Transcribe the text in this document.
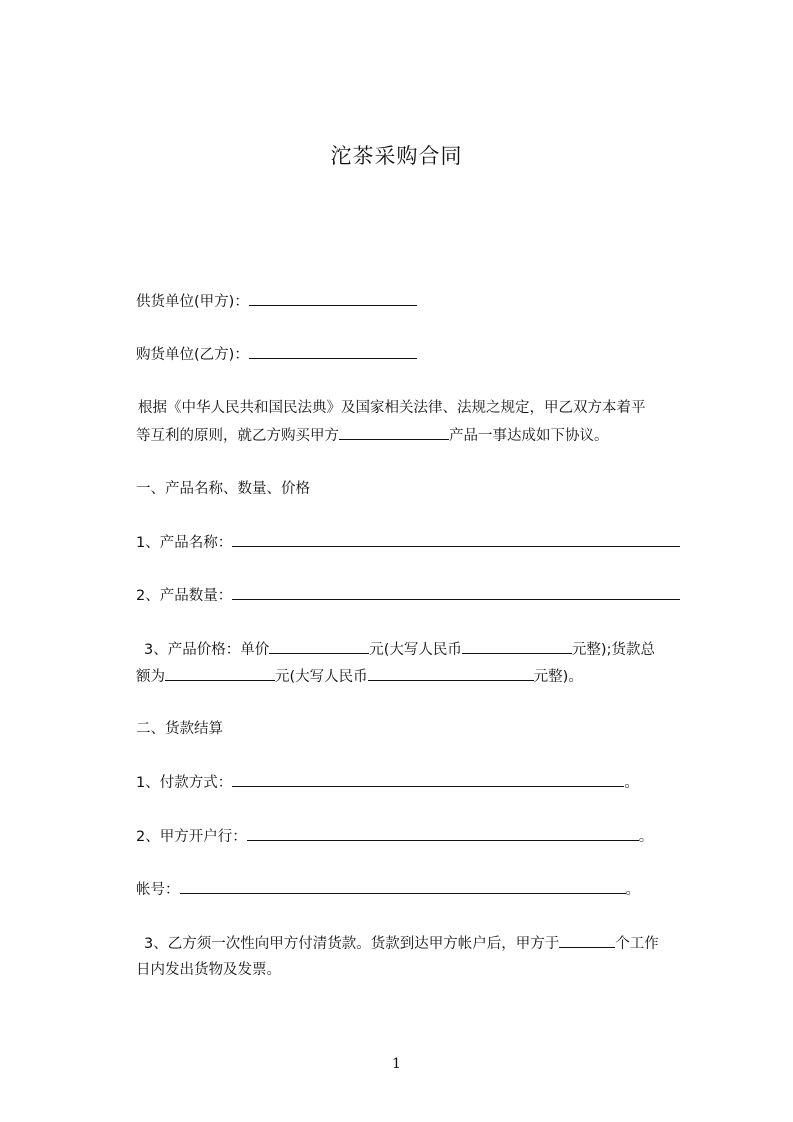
沱茶采购合同
供货单位(甲方)：
购货单位(乙方)：
根据《中华人民共和国民法典》及国家相关法律、法规之规定，甲乙双方本着平
等互利的原则，就乙方购买甲方	产品一事达成如下协议。
一、产品名称、数量、价格
1、产品名称：
2、产品数量：
3、产品价格：单价	元(大写人民币	元整);货款总
额为	元(大写人民币	元整)。
二、货款结算
1、付款方式：	。
2、甲方开户行：	。
帐号：	。
3、乙方须一次性向甲方付清货款。货款到达甲方帐户后，甲方于	个工作
日内发出货物及发票。
1
